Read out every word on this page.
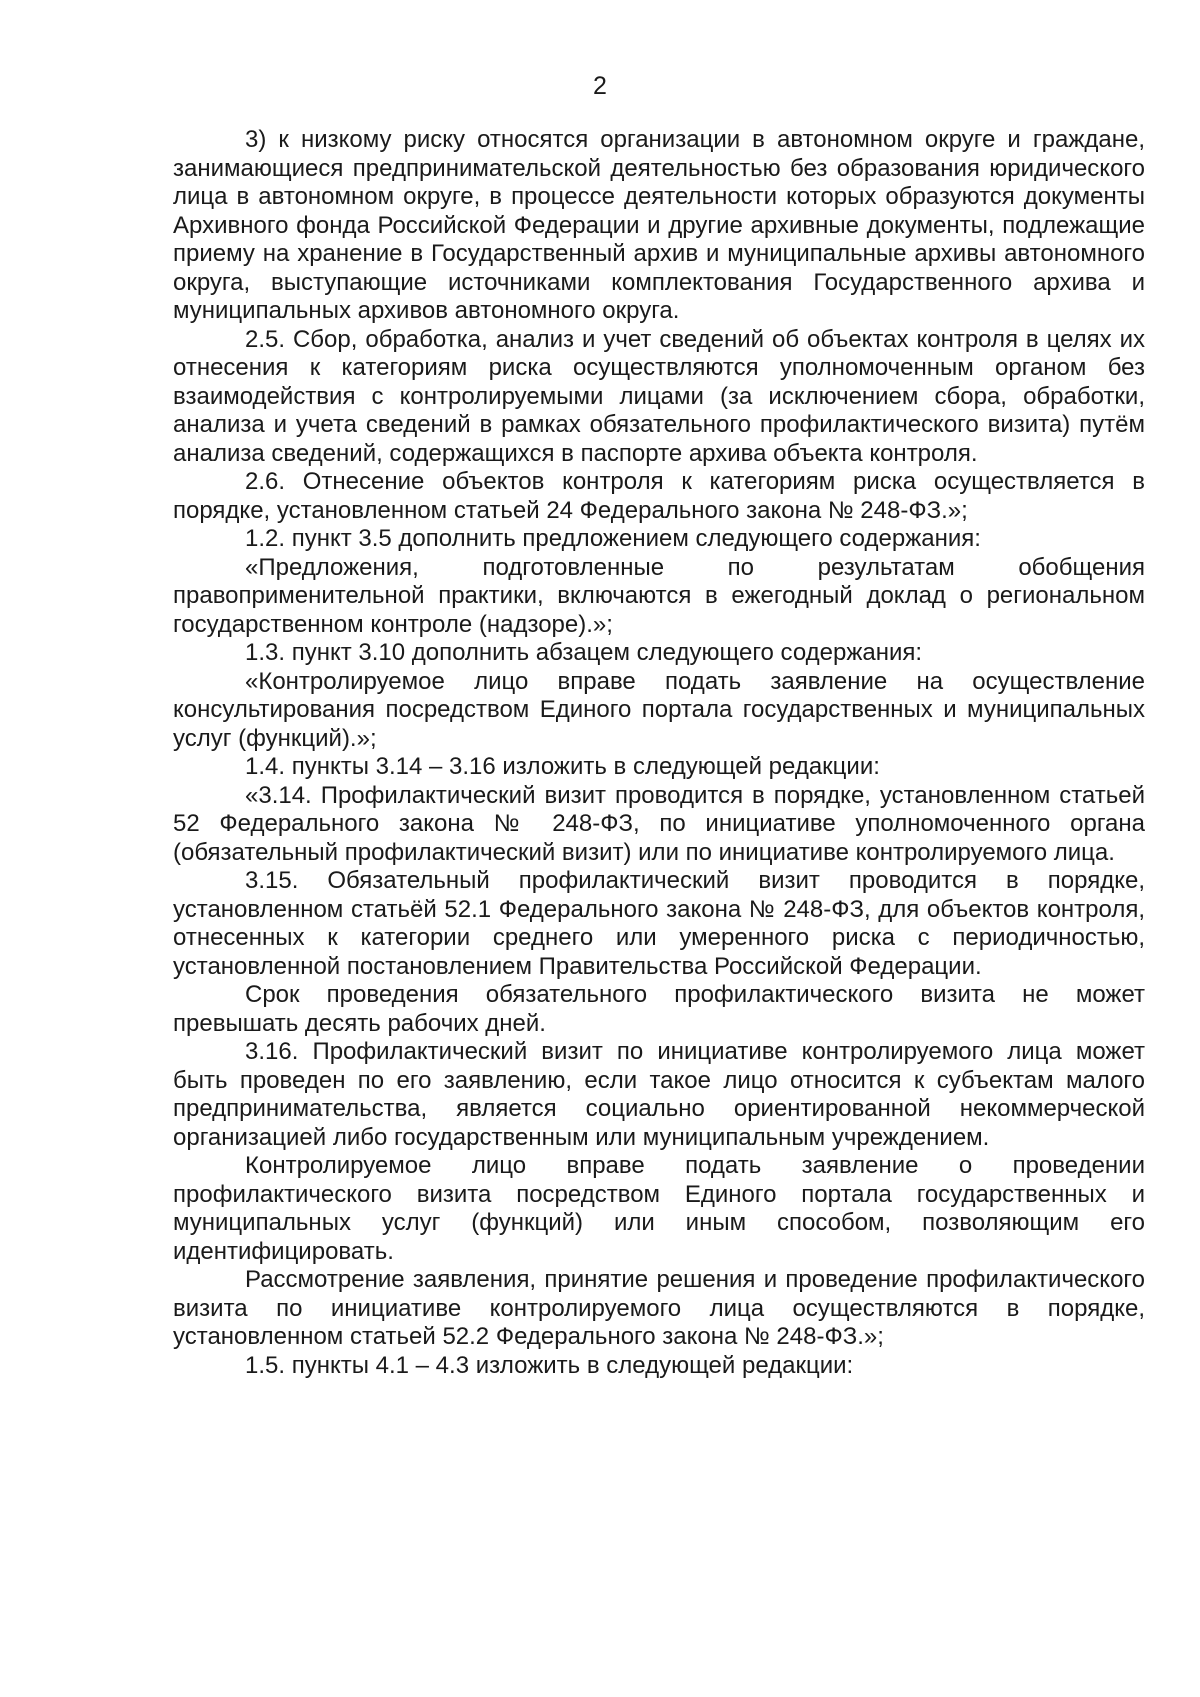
2

3) к низкому риску относятся организации в автономном округе и граждане, занимающиеся предпринимательской деятельностью без образования юридического лица в автономном округе, в процессе деятельности которых образуются документы Архивного фонда Российской Федерации и другие архивные документы, подлежащие приему на хранение в Государственный архив и муниципальные архивы автономного округа, выступающие источниками комплектования Государственного архива и муниципальных архивов автономного округа.

2.5. Сбор, обработка, анализ и учет сведений об объектах контроля в целях их отнесения к категориям риска осуществляются уполномоченным органом без взаимодействия с контролируемыми лицами (за исключением сбора, обработки, анализа и учета сведений в рамках обязательного профилактического визита) путём анализа сведений, содержащихся в паспорте архива объекта контроля.

2.6. Отнесение объектов контроля к категориям риска осуществляется в порядке, установленном статьей 24 Федерального закона № 248-ФЗ.»;

1.2. пункт 3.5 дополнить предложением следующего содержания:

«Предложения, подготовленные по результатам обобщения правоприменительной практики, включаются в ежегодный доклад о региональном государственном контроле (надзоре).»;

1.3. пункт 3.10 дополнить абзацем следующего содержания:

«Контролируемое лицо вправе подать заявление на осуществление консультирования посредством Единого портала государственных и муниципальных услуг (функций).»;

1.4. пункты 3.14 – 3.16 изложить в следующей редакции:

«3.14. Профилактический визит проводится в порядке, установленном статьей 52 Федерального закона № 248-ФЗ, по инициативе уполномоченного органа (обязательный профилактический визит) или по инициативе контролируемого лица.

3.15. Обязательный профилактический визит проводится в порядке, установленном статьёй 52.1 Федерального закона № 248-ФЗ, для объектов контроля, отнесенных к категории среднего или умеренного риска с периодичностью, установленной постановлением Правительства Российской Федерации.

Срок проведения обязательного профилактического визита не может превышать десять рабочих дней.

3.16. Профилактический визит по инициативе контролируемого лица может быть проведен по его заявлению, если такое лицо относится к субъектам малого предпринимательства, является социально ориентированной некоммерческой организацией либо государственным или муниципальным учреждением.

Контролируемое лицо вправе подать заявление о проведении профилактического визита посредством Единого портала государственных и муниципальных услуг (функций) или иным способом, позволяющим его идентифицировать.

Рассмотрение заявления, принятие решения и проведение профилактического визита по инициативе контролируемого лица осуществляются в порядке, установленном статьей 52.2 Федерального закона № 248-ФЗ.»;

1.5. пункты 4.1 – 4.3 изложить в следующей редакции:
